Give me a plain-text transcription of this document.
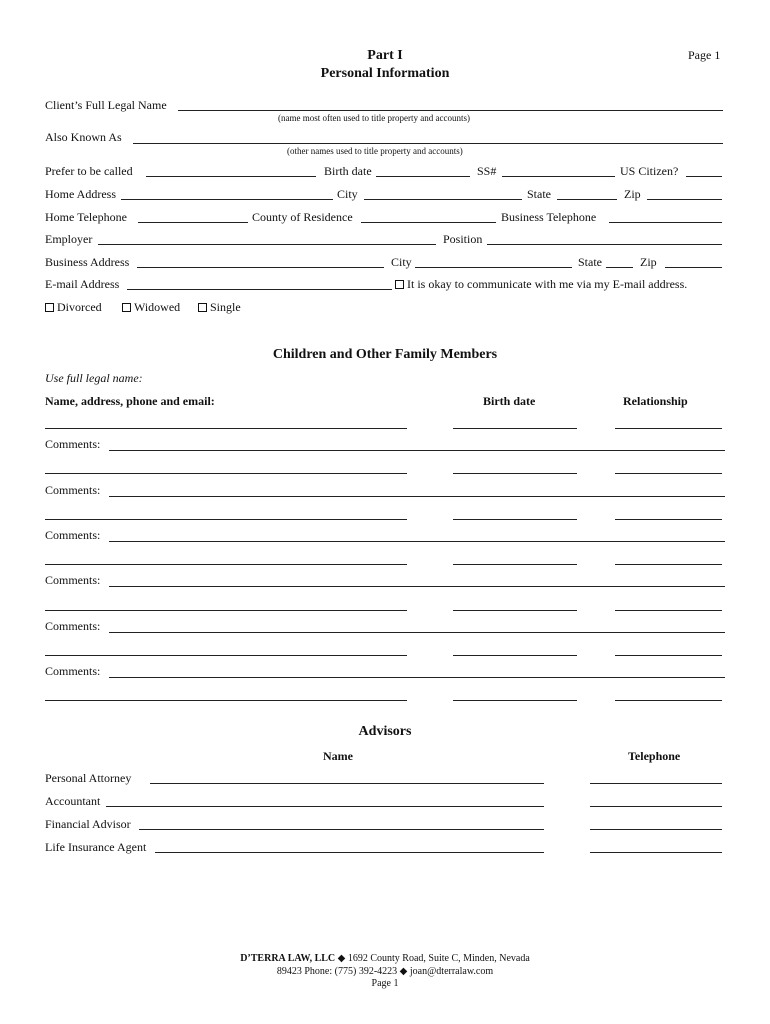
Part I
Personal Information
Page 1
Client’s Full Legal Name
(name most often used to title property and accounts)
Also Known As
(other names used to title property and accounts)
Prefer to be called	Birth date	SS#	US Citizen?
Home Address	City	State	Zip
Home Telephone	County of Residence	Business Telephone
Employer	Position
Business Address	City	State	Zip
E-mail Address	It is okay to communicate with me via my E-mail address.
Divorced	Widowed	Single
Children and Other Family Members
Use full legal name:
Name, address, phone and email:	Birth date	Relationship
Comments:
Comments:
Comments:
Comments:
Comments:
Comments:
Advisors
Name	Telephone
Personal Attorney
Accountant
Financial Advisor
Life Insurance Agent
D’TERRA LAW, LLC ◆ 1692 County Road, Suite C, Minden, Nevada
89423 Phone: (775) 392-4223 ◆ joan@dterralaw.com
Page 1
